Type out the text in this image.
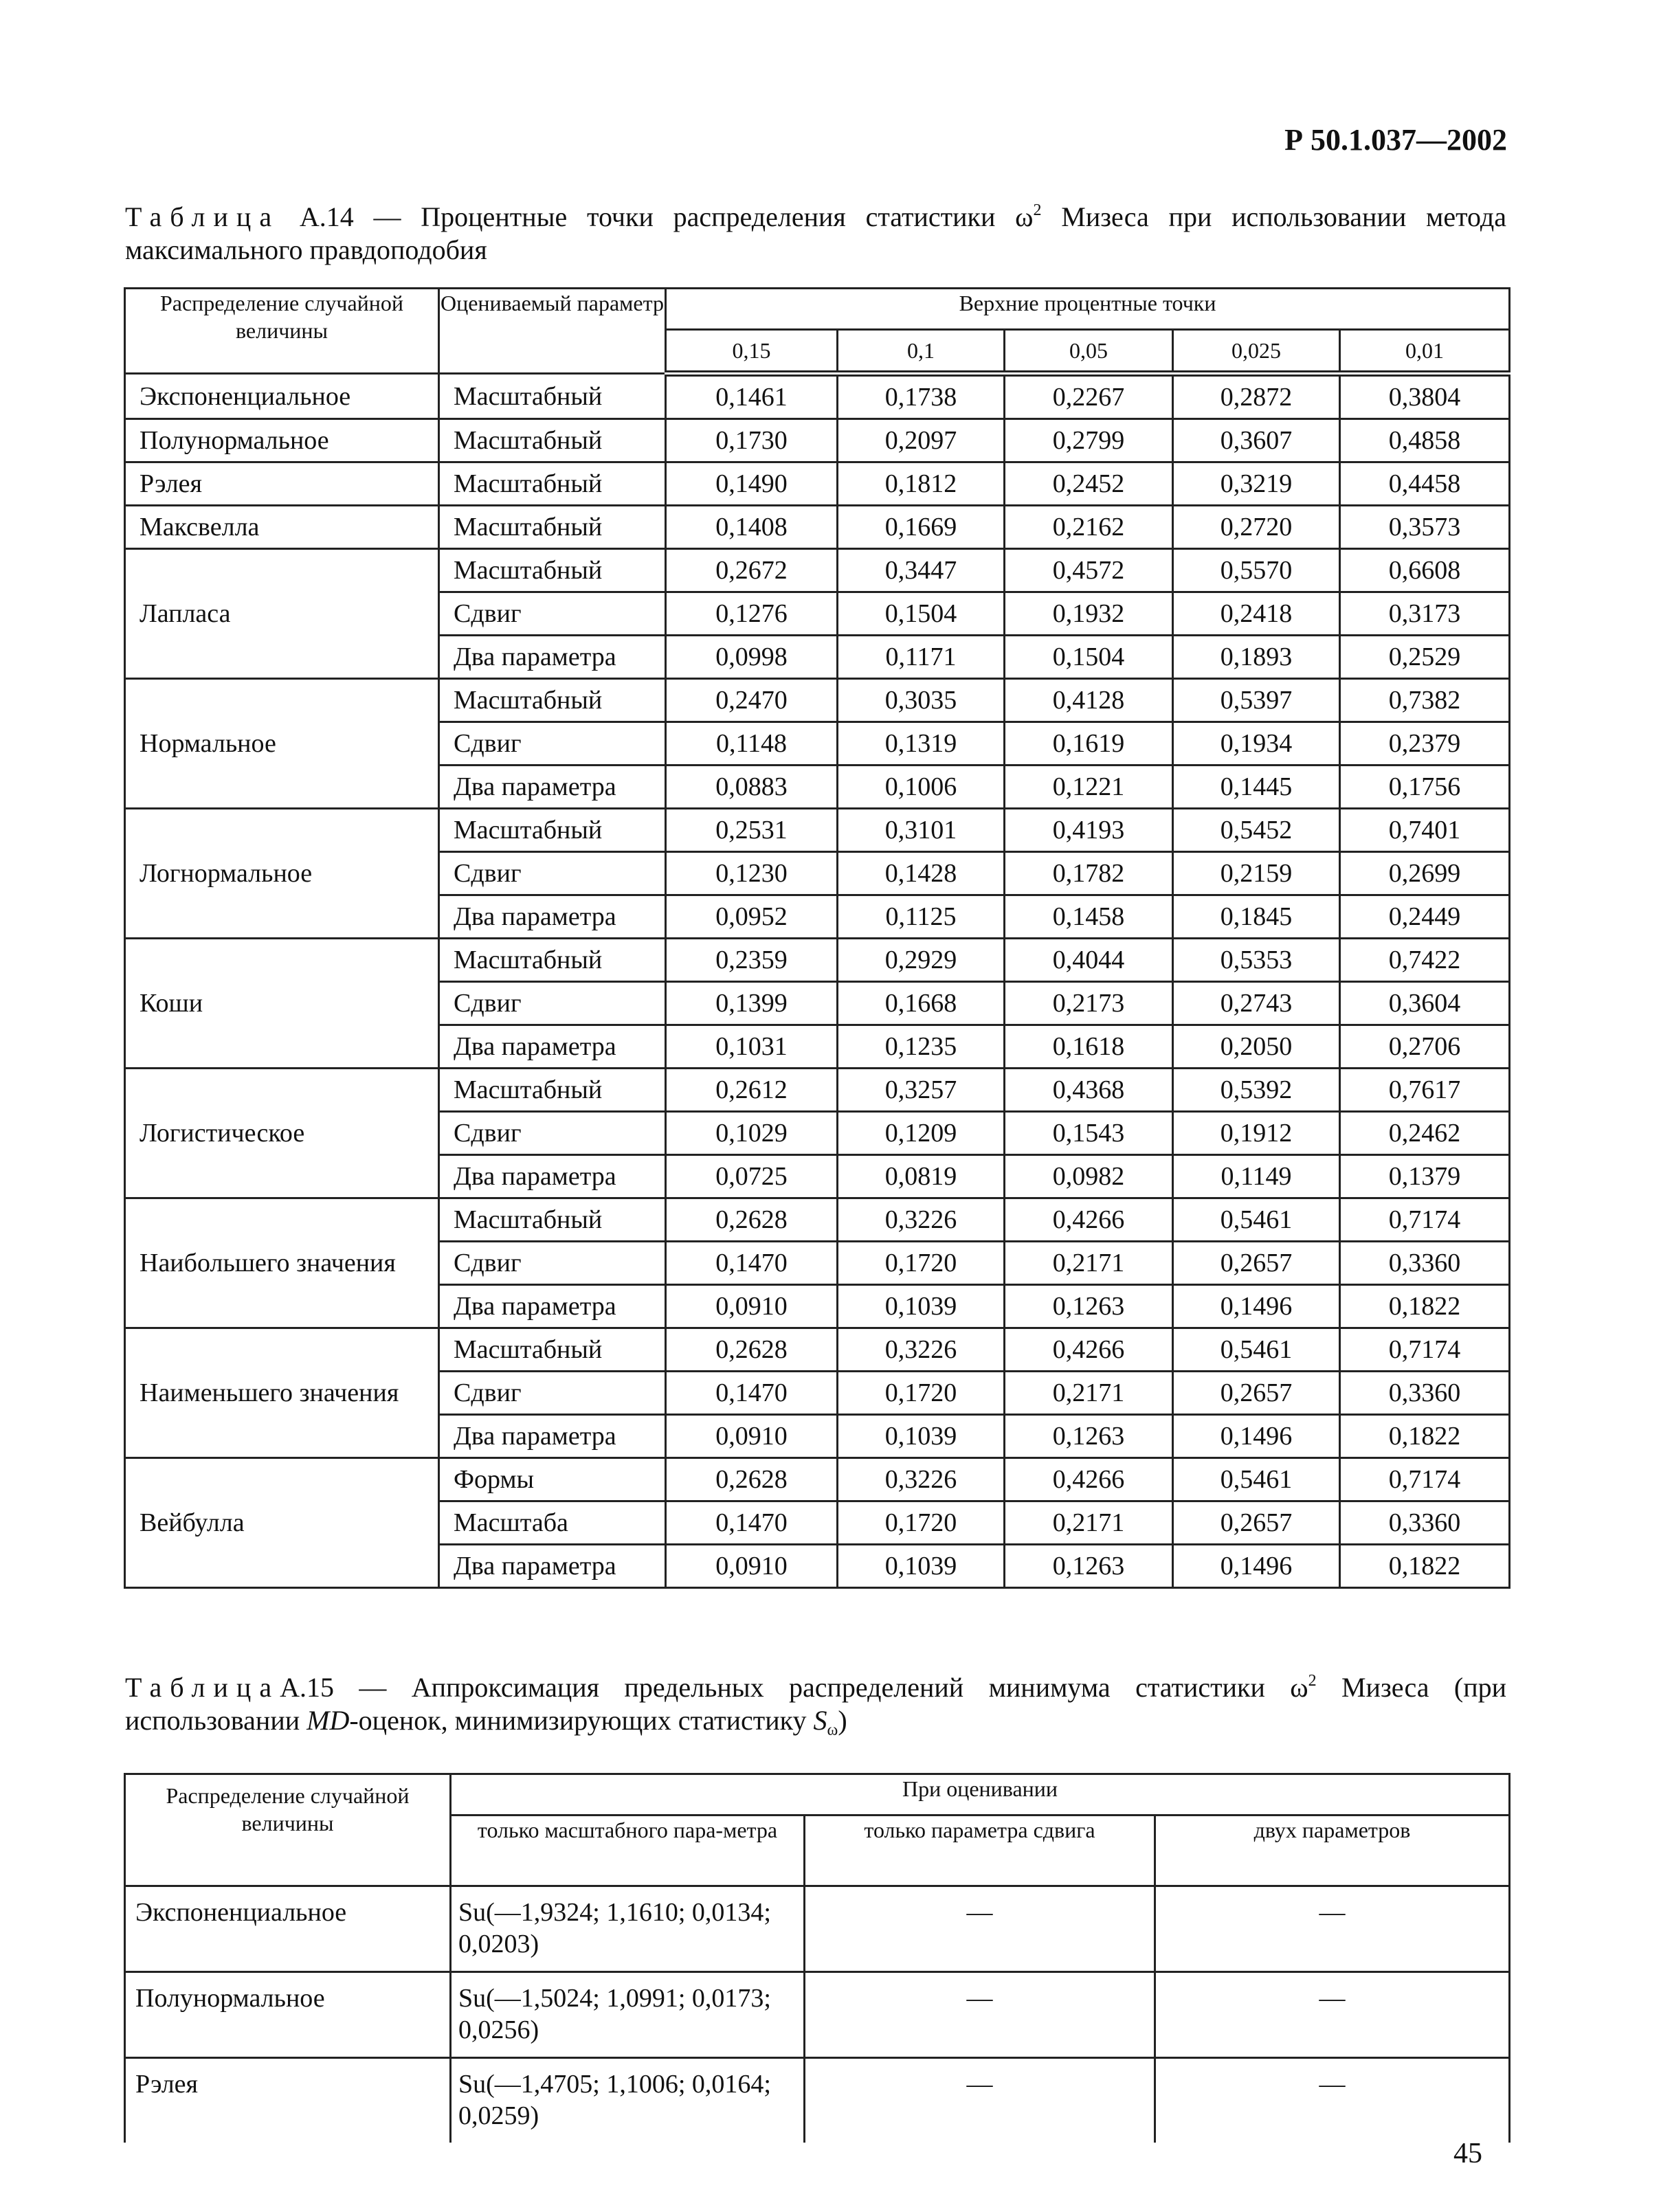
Р 50.1.037—2002
Таблица А.14 — Процентные точки распределения статистики $\omega^2$ Мизеса при использовании метода максимального правдоподобия
Распределение случайной величины	Оцениваемый параметр	Верхние процентные точки				
		0,15	0,1	0,05	0,025	0,01
Экспоненциальное	Масштабный	0,1461	0,1738	0,2267	0,2872	0,3804
Полунормальное	Масштабный	0,1730	0,2097	0,2799	0,3607	0,4858
Рэлея	Масштабный	0,1490	0,1812	0,2452	0,3219	0,4458
Максвелла	Масштабный	0,1408	0,1669	0,2162	0,2720	0,3573
Лапласа	Масштабный	0,2672	0,3447	0,4572	0,5570	0,6608
	Сдвиг	0,1276	0,1504	0,1932	0,2418	0,3173
	Два параметра	0,0998	0,1171	0,1504	0,1893	0,2529
Нормальное	Масштабный	0,2470	0,3035	0,4128	0,5397	0,7382
	Сдвиг	0,1148	0,1319	0,1619	0,1934	0,2379
	Два параметра	0,0883	0,1006	0,1221	0,1445	0,1756
Логнормальное	Масштабный	0,2531	0,3101	0,4193	0,5452	0,7401
	Сдвиг	0,1230	0,1428	0,1782	0,2159	0,2699
	Два параметра	0,0952	0,1125	0,1458	0,1845	0,2449
Коши	Масштабный	0,2359	0,2929	0,4044	0,5353	0,7422
	Сдвиг	0,1399	0,1668	0,2173	0,2743	0,3604
	Два параметра	0,1031	0,1235	0,1618	0,2050	0,2706
Логистическое	Масштабный	0,2612	0,3257	0,4368	0,5392	0,7617
	Сдвиг	0,1029	0,1209	0,1543	0,1912	0,2462
	Два параметра	0,0725	0,0819	0,0982	0,1149	0,1379
Наибольшего значения	Масштабный	0,2628	0,3226	0,4266	0,5461	0,7174
	Сдвиг	0,1470	0,1720	0,2171	0,2657	0,3360
	Два параметра	0,0910	0,1039	0,1263	0,1496	0,1822
Наименьшего значения	Масштабный	0,2628	0,3226	0,4266	0,5461	0,7174
	Сдвиг	0,1470	0,1720	0,2171	0,2657	0,3360
	Два параметра	0,0910	0,1039	0,1263	0,1496	0,1822
Вейбулла	Формы	0,2628	0,3226	0,4266	0,5461	0,7174
	Масштаба	0,1470	0,1720	0,2171	0,2657	0,3360
	Два параметра	0,0910	0,1039	0,1263	0,1496	0,1822
ТаблицаА.15 — Аппроксимация предельных распределений минимума статистики $\omega^2$ Мизеса (при использовании MD-оценок, минимизирующих статистику $S_\omega$)
Распределение случайной величины	При оценивании		
	только масштабного пара-метра	только параметра сдвига	двух параметров
Экспоненциальное	Su(—1,9324; 1,1610; 0,0134; 0,0203)	—	—
Полунормальное	Su(—1,5024; 1,0991; 0,0173; 0,0256)	—	—
Рэлея	Su(—1,4705; 1,1006; 0,0164; 0,0259)	—	—
45
